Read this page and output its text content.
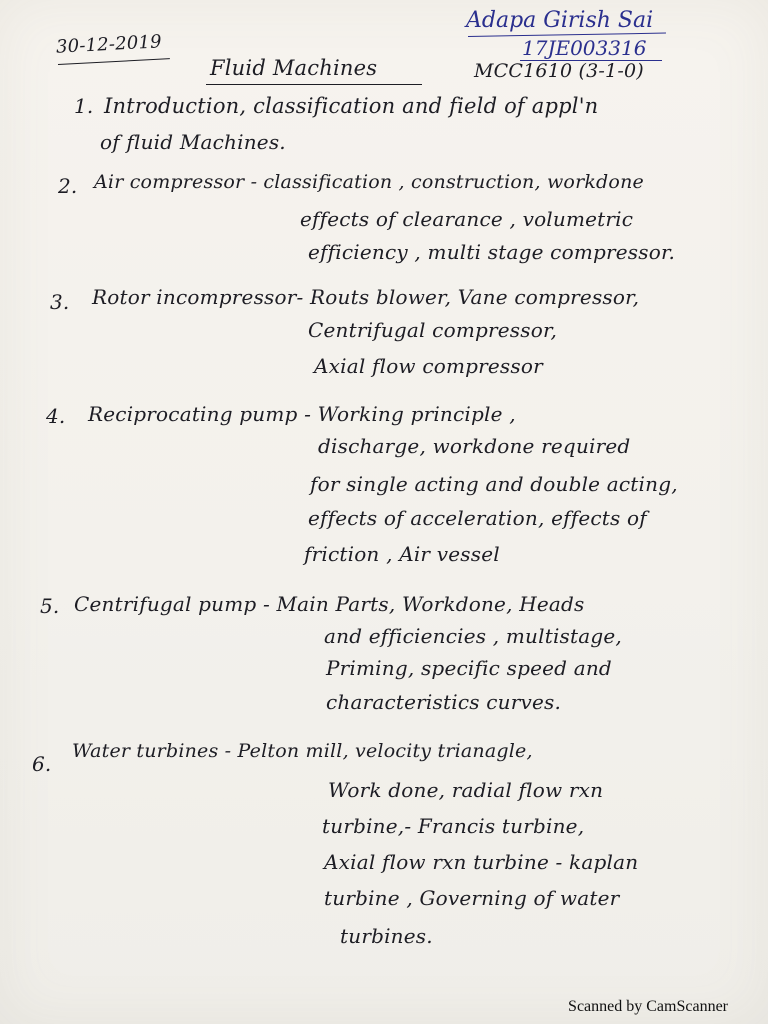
Adapa Girish Sai
17JE003316
30-12-2019
Fluid Machines	MCC1610 (3-1-0)
1. Introduction, classification and field of appl'n
of fluid Machines.
2. Air compressor - classification , construction, workdone
effects of clearance , volumetric
efficiency , multi stage compressor.
3. Rotor incompressor- Routs blower, Vane compressor,
Centrifugal compressor,
Axial flow compressor
4. Reciprocating pump - Working principle ,
discharge, workdone required
for single acting and double acting,
effects of acceleration, effects of
friction , Air vessel
5. Centrifugal pump - Main Parts, Workdone, Heads
and efficiencies , multistage,
Priming, specific speed and
characteristics curves.
6.
Water turbines - Pelton mill, velocity trianagle,
Work done, radial flow rxn
turbine,- Francis turbine,
Axial flow rxn turbine - kaplan
turbine , Governing of water
turbines.
Scanned by CamScanner
